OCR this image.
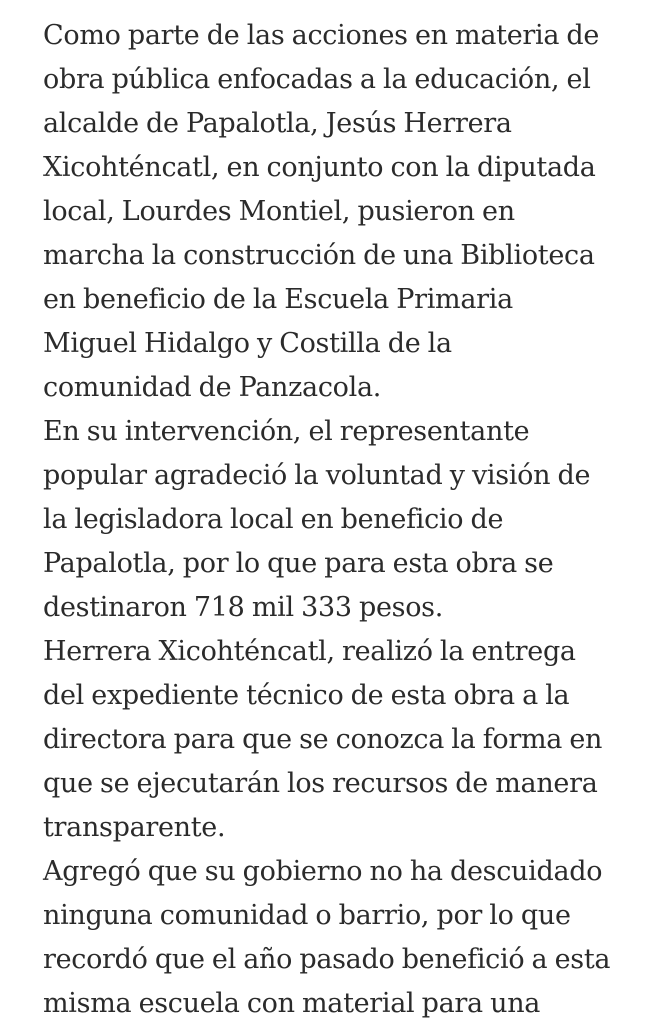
Como parte de las acciones en materia de
obra pública enfocadas a la educación, el
alcalde de Papalotla, Jesús Herrera
Xicohténcatl, en conjunto con la diputada
local, Lourdes Montiel, pusieron en
marcha la construcción de una Biblioteca
en beneficio de la Escuela Primaria
Miguel Hidalgo y Costilla de la
comunidad de Panzacola.

En su intervención, el representante
popular agradeció la voluntad y visión de
la legisladora local en beneficio de
Papalotla, por lo que para esta obra se
destinaron 718 mil 333 pesos.

Herrera Xicohténcatl, realizó la entrega
del expediente técnico de esta obra a la
directora para que se conozca la forma en
que se ejecutarán los recursos de manera
transparente.

Agregó que su gobierno no ha descuidado
ninguna comunidad o barrio, por lo que
recordó que el año pasado benefició a esta
misma escuela con material para una
